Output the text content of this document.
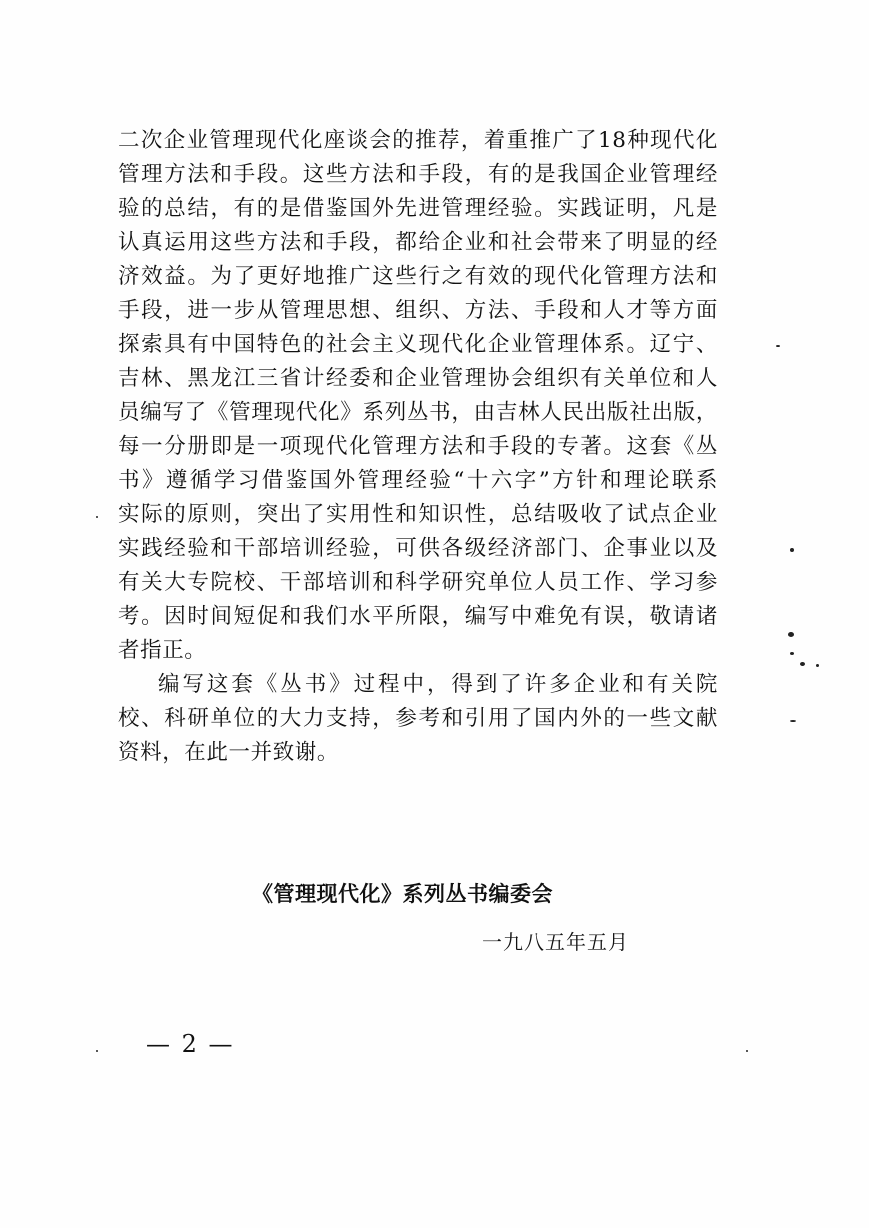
二次企业管理现代化座谈会的推荐，着重推广了18种现代化
管理方法和手段。这些方法和手段，有的是我国企业管理经
验的总结，有的是借鉴国外先进管理经验。实践证明，凡是
认真运用这些方法和手段，都给企业和社会带来了明显的经
济效益。为了更好地推广这些行之有效的现代化管理方法和
手段，进一步从管理思想、组织、方法、手段和人才等方面
探索具有中国特色的社会主义现代化企业管理体系。辽宁、
吉林、黑龙江三省计经委和企业管理协会组织有关单位和人
员编写了《管理现代化》系列丛书，由吉林人民出版社出版，
每一分册即是一项现代化管理方法和手段的专著。这套《丛
书》遵循学习借鉴国外管理经验“十六字”方针和理论联系
实际的原则，突出了实用性和知识性，总结吸收了试点企业
实践经验和干部培训经验，可供各级经济部门、企事业以及
有关大专院校、干部培训和科学研究单位人员工作、学习参
考。因时间短促和我们水平所限，编写中难免有误，敬请诸
者指正。
编写这套《丛书》过程中，得到了许多企业和有关院
校、科研单位的大力支持，参考和引用了国内外的一些文献
资料，在此一并致谢。
《管理现代化》系列丛书编委会
一九八五年五月
— 2 —
